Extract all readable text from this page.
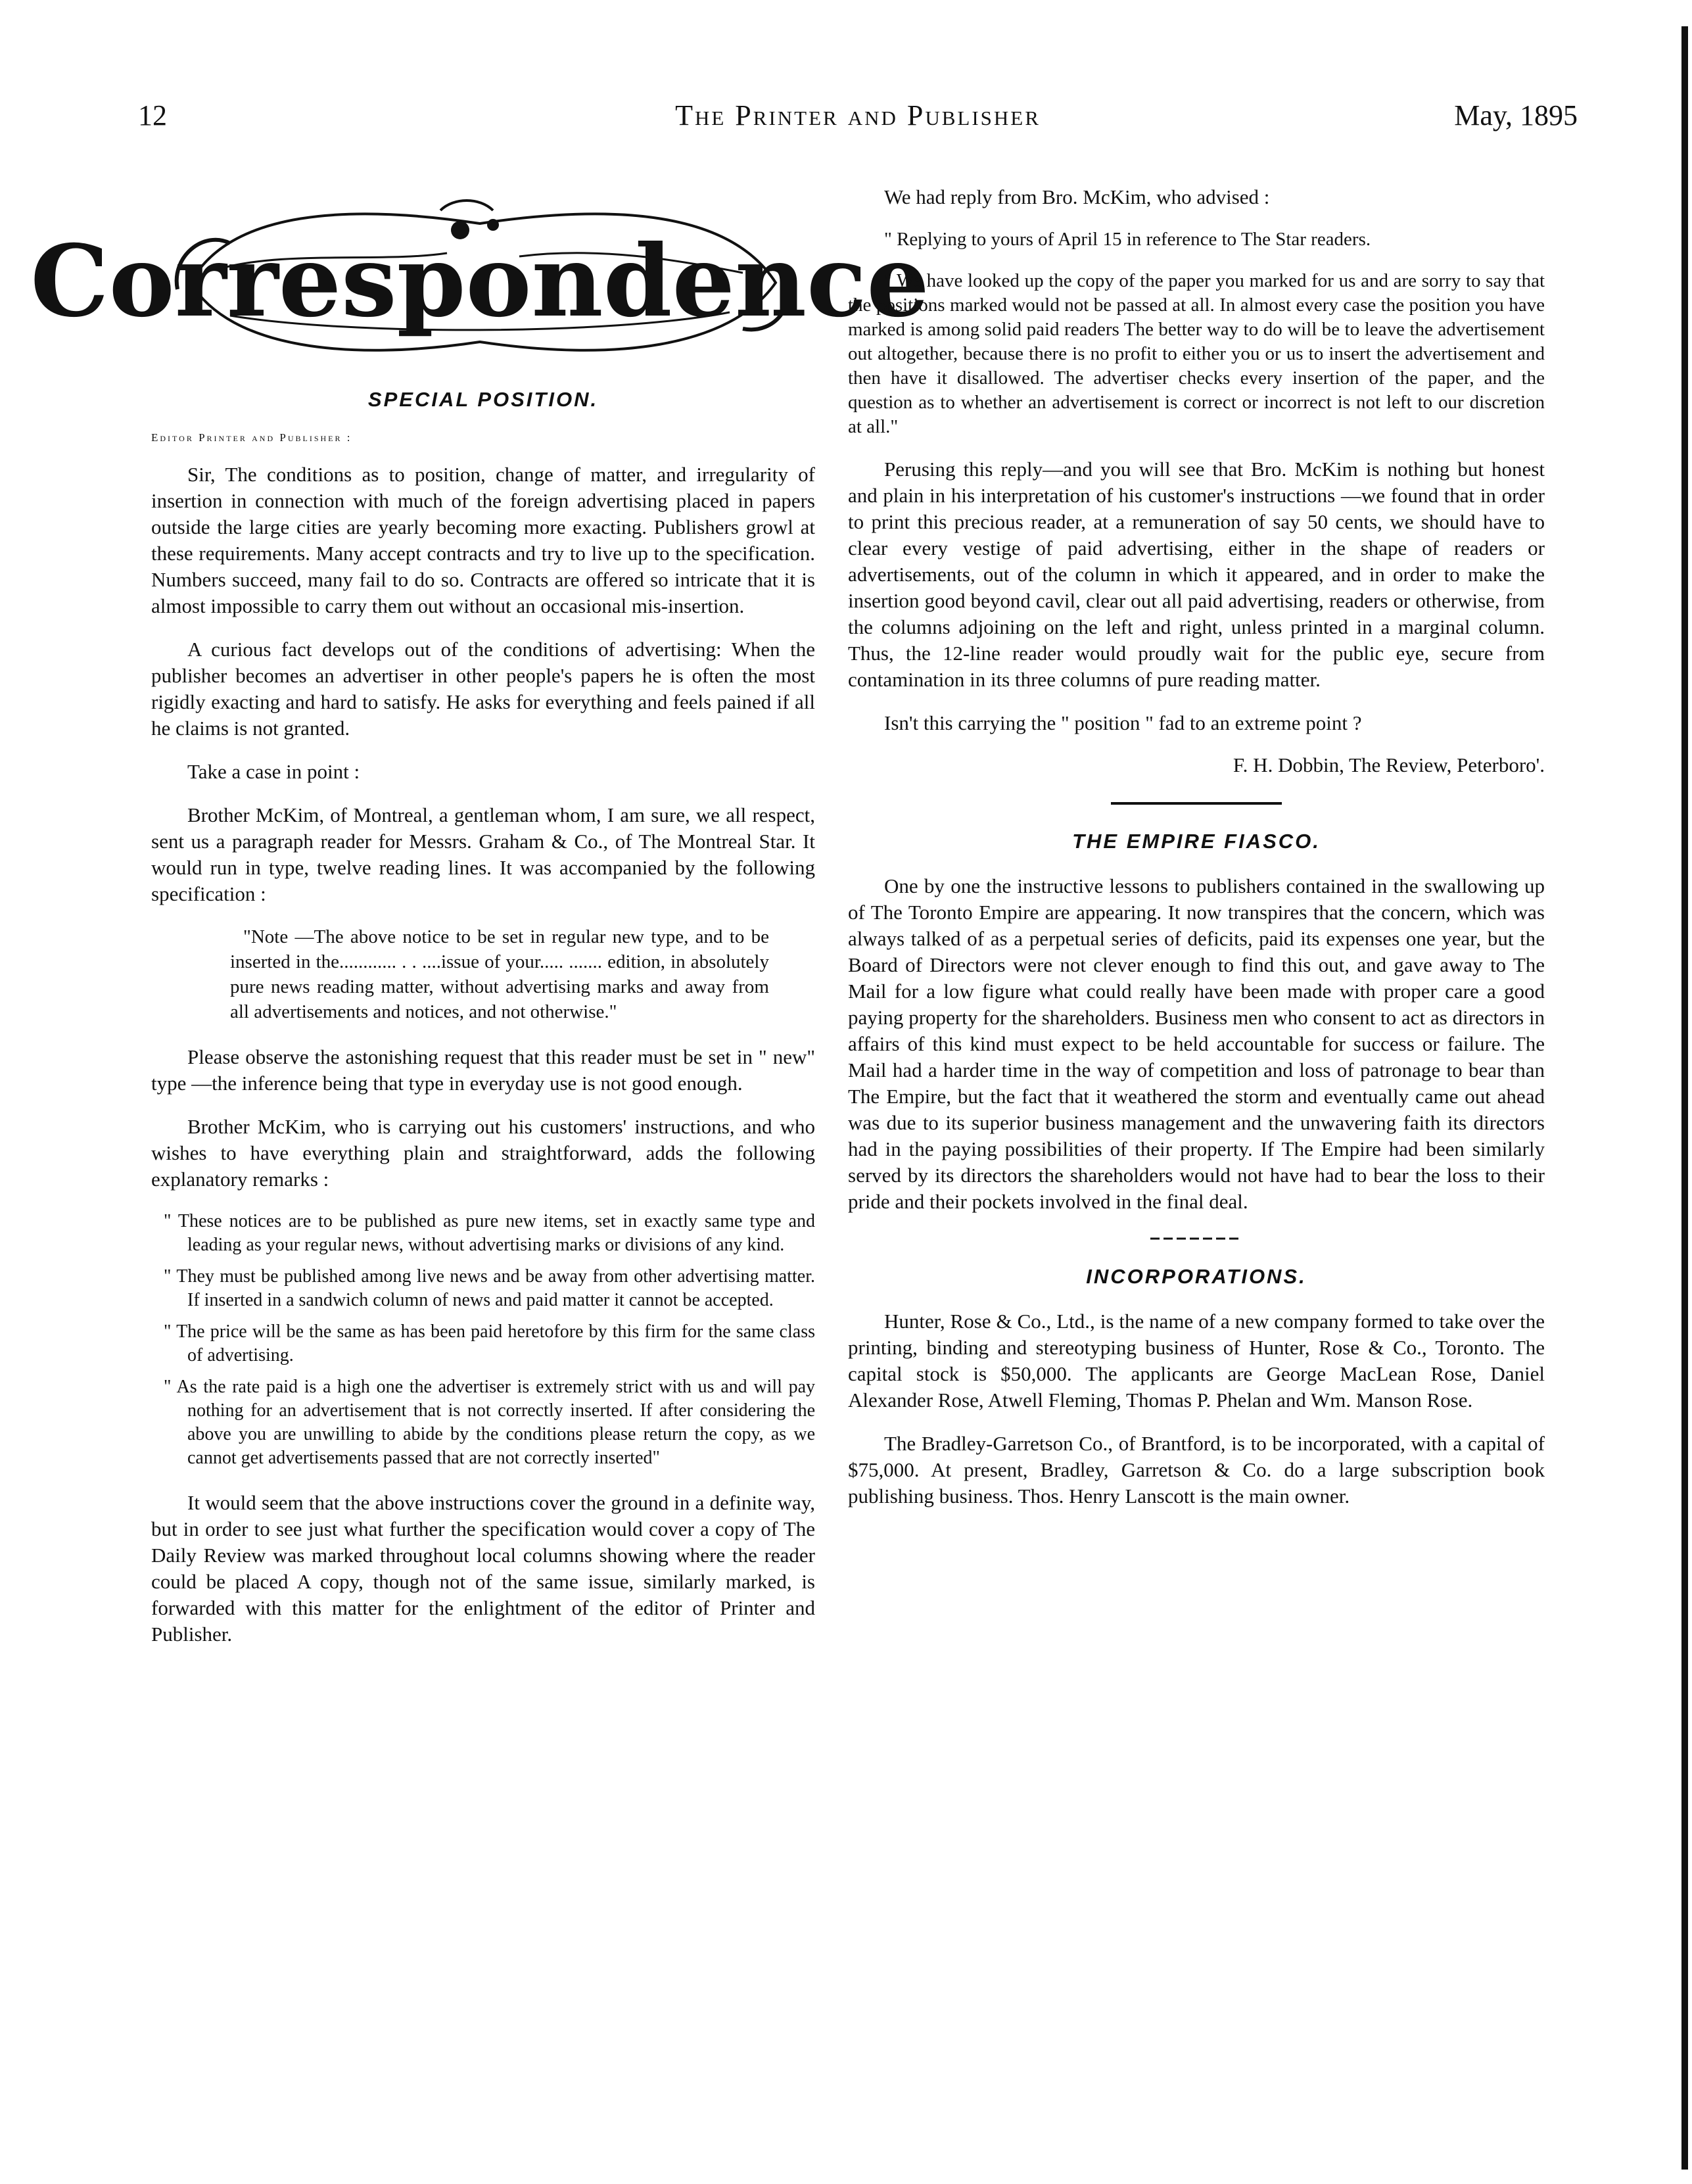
12	The Printer and Publisher	May, 1895
Correspondence
SPECIAL POSITION.
Editor Printer and Publisher :

Sir, The conditions as to position, change of matter, and irregularity of insertion in connection with much of the foreign advertising placed in papers outside the large cities are yearly becoming more exacting. Publishers growl at these requirements. Many accept contracts and try to live up to the specification. Numbers succeed, many fail to do so. Contracts are offered so intricate that it is almost impossible to carry them out without an occasional mis-insertion.

A curious fact develops out of the conditions of advertising: When the publisher becomes an advertiser in other people's papers he is often the most rigidly exacting and hard to satisfy. He asks for everything and feels pained if all he claims is not granted.

Take a case in point :

Brother McKim, of Montreal, a gentleman whom, I am sure, we all respect, sent us a paragraph reader for Messrs. Graham & Co., of The Montreal Star. It would run in type, twelve reading lines. It was accompanied by the following specification :

"Note —The above notice to be set in regular new type, and to be inserted in the............ . . ....issue of your..... ....... edition, in absolutely pure news reading matter, without advertising marks and away from all advertisements and notices, and not otherwise."

Please observe the astonishing request that this reader must be set in " new" type —the inference being that type in everyday use is not good enough.

Brother McKim, who is carrying out his customers' instructions, and who wishes to have everything plain and straightforward, adds the following explanatory remarks :

" These notices are to be published as pure new items, set in exactly same type and leading as your regular news, without advertising marks or divisions of any kind.
" They must be published among live news and be away from other advertising matter. If inserted in a sandwich column of news and paid matter it cannot be accepted.
" The price will be the same as has been paid heretofore by this firm for the same class of advertising.
" As the rate paid is a high one the advertiser is extremely strict with us and will pay nothing for an advertisement that is not correctly inserted. If after considering the above you are unwilling to abide by the conditions please return the copy, as we cannot get advertisements passed that are not correctly inserted"

It would seem that the above instructions cover the ground in a definite way, but in order to see just what further the specification would cover a copy of The Daily Review was marked throughout local columns showing where the reader could be placed A copy, though not of the same issue, similarly marked, is forwarded with this matter for the enlightment of the editor of Printer and Publisher.

We had reply from Bro. McKim, who advised :

" Replying to yours of April 15 in reference to The Star readers.

" We have looked up the copy of the paper you marked for us and are sorry to say that the positions marked would not be passed at all. In almost every case the position you have marked is among solid paid readers The better way to do will be to leave the advertisement out altogether, because there is no profit to either you or us to insert the advertisement and then have it disallowed. The advertiser checks every insertion of the paper, and the question as to whether an advertisement is correct or incorrect is not left to our discretion at all."

Perusing this reply—and you will see that Bro. McKim is nothing but honest and plain in his interpretation of his customer's instructions —we found that in order to print this precious reader, at a remuneration of say 50 cents, we should have to clear every vestige of paid advertising, either in the shape of readers or advertisements, out of the column in which it appeared, and in order to make the insertion good beyond cavil, clear out all paid advertising, readers or otherwise, from the columns adjoining on the left and right, unless printed in a marginal column. Thus, the 12-line reader would proudly wait for the public eye, secure from contamination in its three columns of pure reading matter.

Isn't this carrying the " position " fad to an extreme point ?

F. H. Dobbin, The Review, Peterboro'.
THE EMPIRE FIASCO.

One by one the instructive lessons to publishers contained in the swallowing up of The Toronto Empire are appearing. It now transpires that the concern, which was always talked of as a perpetual series of deficits, paid its expenses one year, but the Board of Directors were not clever enough to find this out, and gave away to The Mail for a low figure what could really have been made with proper care a good paying property for the shareholders. Business men who consent to act as directors in affairs of this kind must expect to be held accountable for success or failure. The Mail had a harder time in the way of competition and loss of patronage to bear than The Empire, but the fact that it weathered the storm and eventually came out ahead was due to its superior business management and the unwavering faith its directors had in the paying possibilities of their property. If The Empire had been similarly served by its directors the shareholders would not have had to bear the loss to their pride and their pockets involved in the final deal.

INCORPORATIONS.

Hunter, Rose & Co., Ltd., is the name of a new company formed to take over the printing, binding and stereotyping business of Hunter, Rose & Co., Toronto. The capital stock is $50,000. The applicants are George MacLean Rose, Daniel Alexander Rose, Atwell Fleming, Thomas P. Phelan and Wm. Manson Rose.

The Bradley-Garretson Co., of Brantford, is to be incorporated, with a capital of $75,000. At present, Bradley, Garretson & Co. do a large subscription book publishing business. Thos. Henry Lanscott is the main owner.
